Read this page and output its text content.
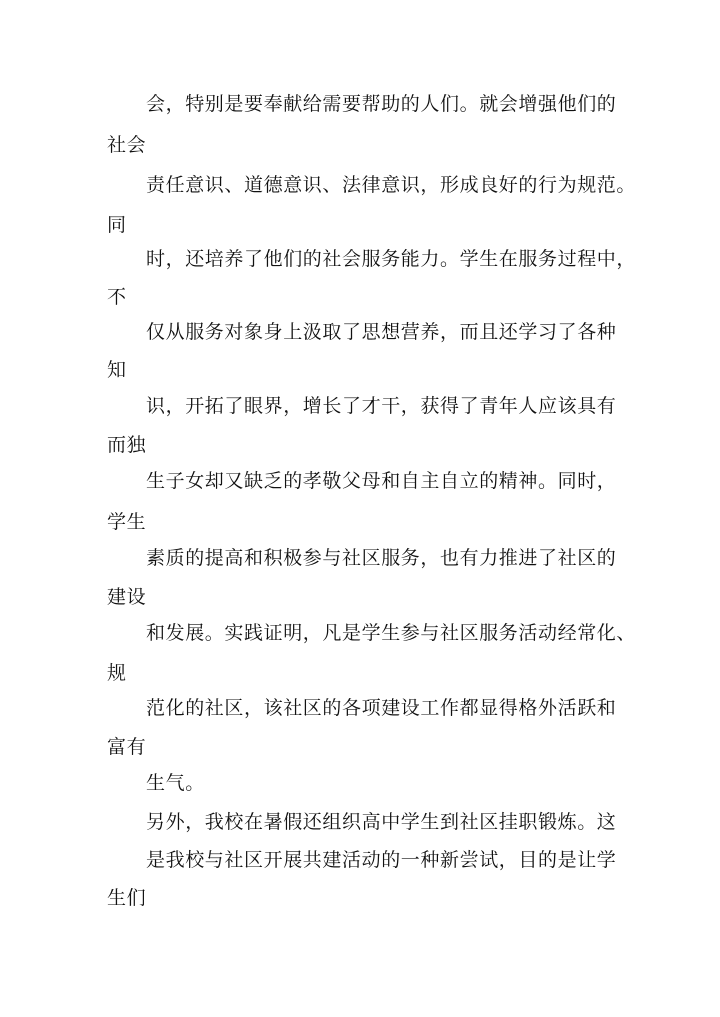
会，特别是要奉献给需要帮助的人们。就会增强他们的
社会
责任意识、道德意识、法律意识，形成良好的行为规范。
同
时，还培养了他们的社会服务能力。学生在服务过程中，
不
仅从服务对象身上汲取了思想营养，而且还学习了各种
知
识，开拓了眼界，增长了才干，获得了青年人应该具有
而独
生子女却又缺乏的孝敬父母和自主自立的精神。同时，
学生
素质的提高和积极参与社区服务，也有力推进了社区的
建设
和发展。实践证明，凡是学生参与社区服务活动经常化、
规
范化的社区，该社区的各项建设工作都显得格外活跃和
富有
生气。
另外，我校在暑假还组织高中学生到社区挂职锻炼。这
是我校与社区开展共建活动的一种新尝试，目的是让学
生们
